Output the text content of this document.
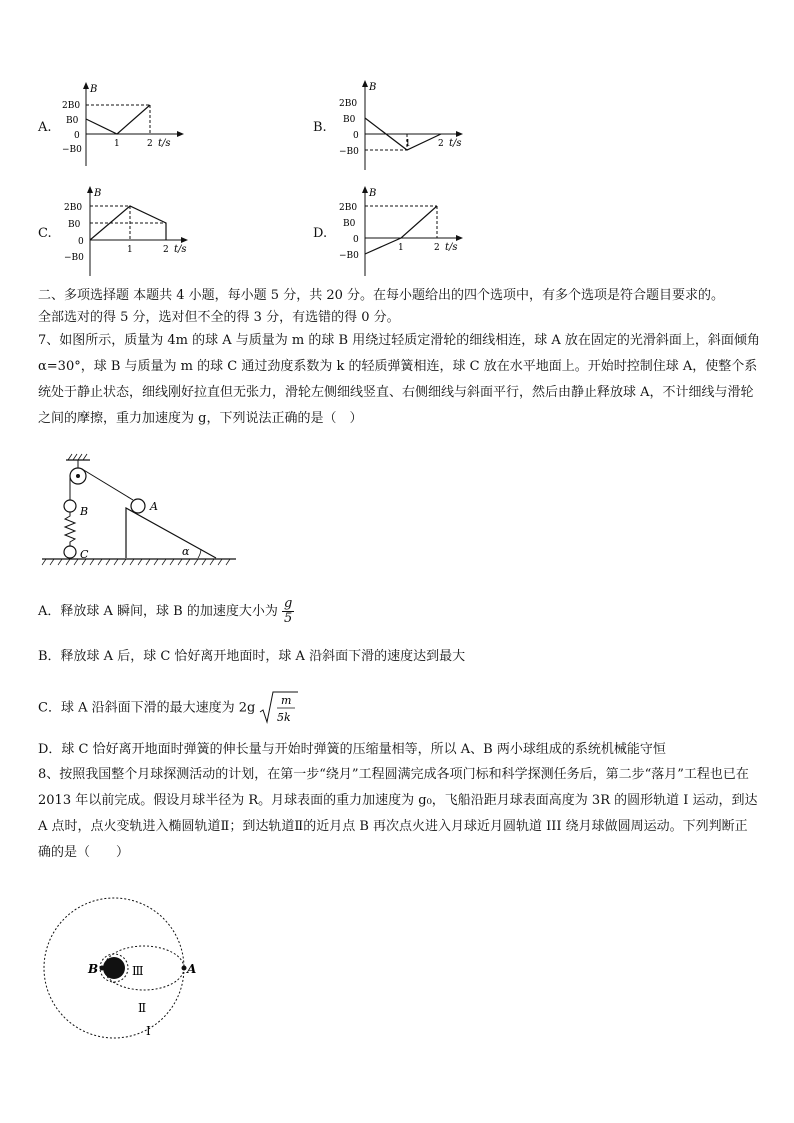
A.	B.
C.	D.
B
2B0
B0
0
−B0
1	2 t/s
B
2B0
B0
0
−B0
1	2 t/s
B
2B0
B0
0
−B0
1	2 t/s
B
2B0
B0
0
−B0
1	2 t/s
二、多项选择题 本题共 4 小题，每小题 5 分，共 20 分。在每小题给出的四个选项中，有多个选项是符合题目要求的。
全部选对的得 5 分，选对但不全的得 3 分，有选错的得 0 分。
7、如图所示，质量为 4m 的球 A 与质量为 m 的球 B 用绕过轻质定滑轮的细线相连，球 A 放在固定的光滑斜面上，斜面倾角 α=30°，球 B 与质量为 m 的球 C 通过劲度系数为 k 的轻质弹簧相连，球 C 放在水平地面上。开始时控制住球 A，使整个系统处于静止状态，细线刚好拉直但无张力，滑轮左侧细线竖直、右侧细线与斜面平行，然后由静止释放球 A，不计细线与滑轮之间的摩擦，重力加速度为 g，下列说法正确的是（　）
A
B
C	α
A．释放球 A 瞬间，球 B 的加速度大小为 $\frac{g}{5}$
B．释放球 A 后，球 C 恰好离开地面时，球 A 沿斜面下滑的速度达到最大
C．球 A 沿斜面下滑的最大速度为 2g m
5k
D．球 C 恰好离开地面时弹簧的伸长量与开始时弹簧的压缩量相等，所以 A、B 两小球组成的系统机械能守恒
8、按照我国整个月球探测活动的计划，在第一步“绕月”工程圆满完成各项门标和科学探测任务后，第二步“落月”工程也已在 2013 年以前完成。假设月球半径为 R。月球表面的重力加速度为 g₀，飞船沿距月球表面高度为 3R 的圆形轨道 I 运动，到达 A 点时，点火变轨进入椭圆轨道Ⅱ；到达轨道Ⅱ的近月点 B 再次点火进入月球近月圆轨道 III 绕月球做圆周运动。下列判断正确的是（　　）
B	A
Ⅲ
Ⅱ
I
